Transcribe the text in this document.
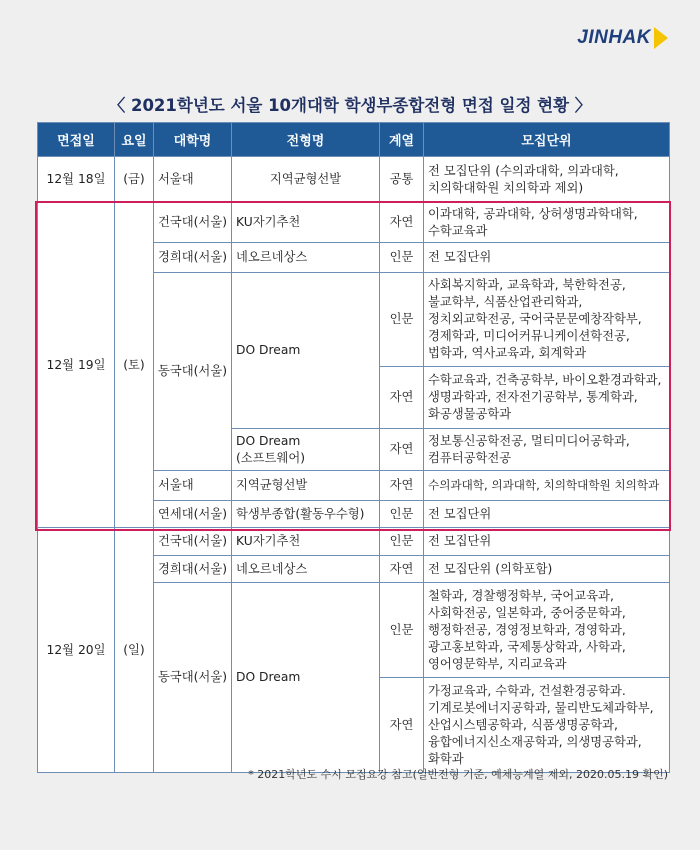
JINHAK
〈 2021학년도 서울 10개대학 학생부종합전형 면접 일정 현황 〉
면접일	요일	대학명	전형명	계열	모집단위
12월 18일	(금)	서울대	지역균형선발	공통	전 모집단위 (수의과대학, 의과대학,
치의학대학원 치의학과 제외)
12월 19일	(토)	건국대(서울)	KU자기추천	자연	이과대학, 공과대학, 상허생명과학대학,
수학교육과
		경희대(서울)	네오르네상스	인문	전 모집단위
		동국대(서울)	DO Dream	인문	사회복지학과, 교육학과, 북한학전공,
불교학부, 식품산업관리학과,
정치외교학전공, 국어국문문예창작학부,
경제학과, 미디어커뮤니케이션학전공,
법학과, 역사교육과, 회계학과
				자연	수학교육과, 건축공학부, 바이오환경과학과,
생명과학과, 전자전기공학부, 통계학과,
화공생물공학과
			DO Dream
(소프트웨어)	자연	정보통신공학전공, 멀티미디어공학과,
컴퓨터공학전공
		서울대	지역균형선발	자연	수의과대학, 의과대학, 치의학대학원 치의학과
		연세대(서울)	학생부종합(활동우수형)	인문	전 모집단위
12월 20일	(일)	건국대(서울)	KU자기추천	인문	전 모집단위
		경희대(서울)	네오르네상스	자연	전 모집단위 (의학포함)
		동국대(서울)	DO Dream	인문	철학과, 경찰행정학부, 국어교육과,
사회학전공, 일본학과, 중어중문학과,
행정학전공, 경영정보학과, 경영학과,
광고홍보학과, 국제통상학과, 사학과,
영어영문학부, 지리교육과
				자연	가정교육과, 수학과, 건설환경공학과.
기계로봇에너지공학과, 물리반도체과학부,
산업시스템공학과, 식품생명공학과,
융합에너지신소재공학과, 의생명공학과,
화학과
* 2021학년도 수시 모집요강 참고(일반전형 기준, 예체능계열 제외, 2020.05.19 확인)
